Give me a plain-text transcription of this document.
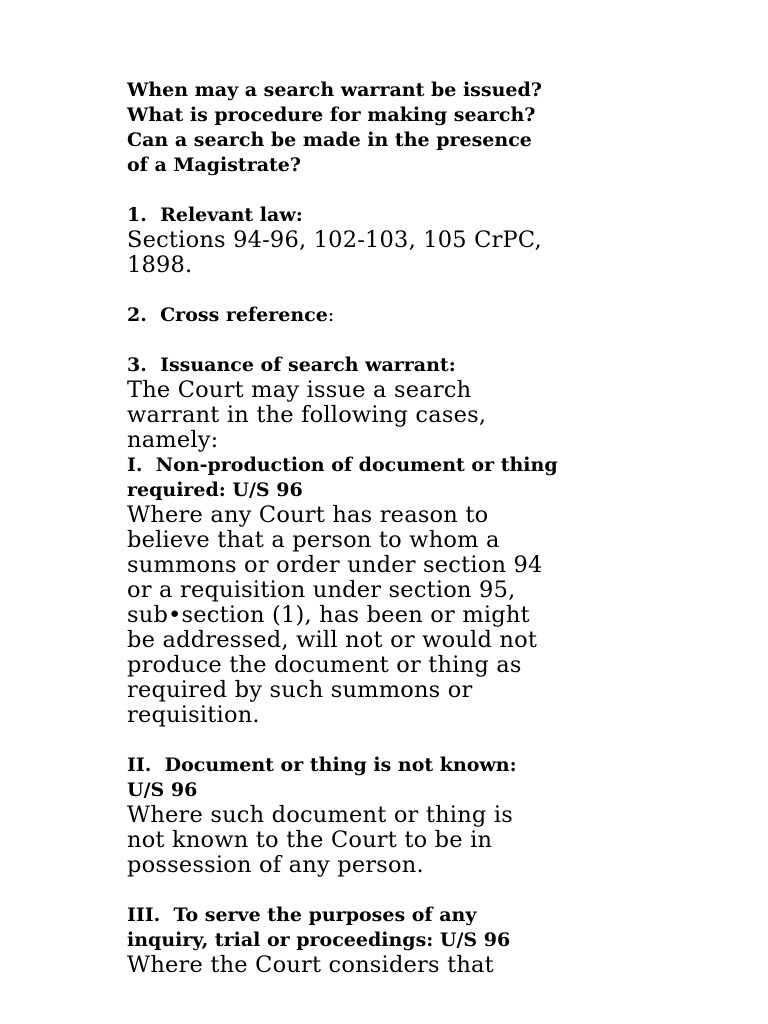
When may a search warrant be issued?
What is procedure for making search?
Can a search be made in the presence
of a Magistrate?
1.  Relevant law:
Sections 94-96, 102-103, 105 CrPC,
1898.
2.  Cross reference:
3.  Issuance of search warrant:
The Court may issue a search
warrant in the following cases,
namely:
I.  Non-production of document or thing
required: U/S 96
Where any Court has reason to
believe that a person to whom a
summons or order under section 94
or a requisition under section 95,
sub•section (1), has been or might
be addressed, will not or would not
produce the document or thing as
required by such summons or
requisition.
II.  Document or thing is not known:
U/S 96
Where such document or thing is
not known to the Court to be in
possession of any person.
III.  To serve the purposes of any
inquiry, trial or proceedings: U/S 96
Where the Court considers that
